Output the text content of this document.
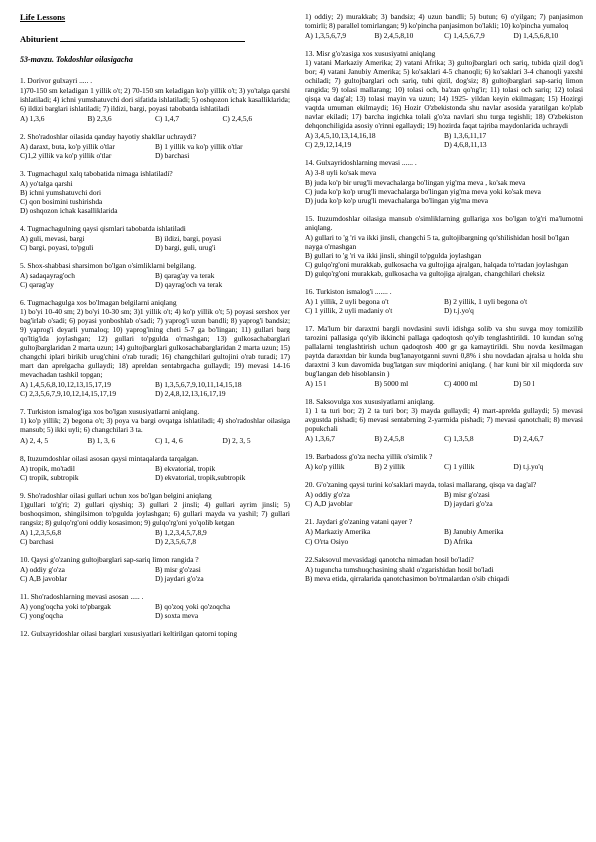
Life Lessons
Abiturient
53-mavzu. Tokdoshlar oilasigacha

1. Dorivor gulxayri ..... .

1)70-150 sm keladigan 1 yillik o't; 2) 70-150 sm keladigan ko'p yillik o't; 3) yo'talga qarshi ishlatiladi; 4) ichni yumshatuvchi dori sifatida ishlatiladi; 5) oshqozon ichak kasalliklarida; 6) ildizi barglari ishlatiladi; 7) ildizi, bargi, poyasi tabobatda ishlatiladi

A) 1,3,6	B) 2,3,6	C) 1,4,7	C) 2,4,5,6

2. Sho'radoshlar oilasida qanday hayotiy shakllar uchraydi?

A) daraxt, buta, ko'p yillik o'tlar	B) 1 yillik va ko'p yillik o'tlar
C)1,2 yillik va ko'p yillik o'tlar	D) barchasi

3. Tugmachagul xalq tabobatida nimaga ishlatiladi?

A) yo'talga qarshi
B) ichni yumshatuvchi dori
C) qon bosimini tushirishda
D) oshqozon ichak kasalliklarida

4. Tugmachagulning qaysi qismlari tabobatda ishlatiladi

A) guli, mevasi, bargi	B) ildizi, bargi, poyasi
C) bargi, poyasi, to'pguli	D) bargi, guli, urug'i

5. Shox-shabbasi sharsimon bo'lgan o'simliklarni belgilang.

A) sadaqayrag'och	B) qarag'ay va terak
C) qarag'ay	D) qayrag'och va terak

6. Tugmachagulga xos bo'lmagan belgilarni aniqlang

1) bo'yi 10-40 sm; 2) bo'yi 10-30 sm; 3)1 yillik o't; 4) ko'p yillik o't; 5) poyasi sershox yer bag'irlab o'sadi; 6) poyasi yonboshlab o'sadi; 7) yaprog'i uzun bandli; 8) yaprog'i bandsiz; 9) yaprog'i deyarli yumaloq; 10) yaprog'ining cheti 5-7 ga bo'lingan; 11) gullari barg qo'ltig'ida joylashgan; 12) gullari to'pgulda o'rnashgan; 13) gulkosachabarglari gultojbarglaridan 2 marta uzun; 14) gultojbarglari gulkosachabarglaridan 2 marta uzun; 15) changchi iplari birikib urug'chini o'rab turadi; 16) changchilari gultojini o'rab turadi; 17) mart dan aprelgacha gullaydi; 18) apreldan sentabrgacha gullaydi; 19) mevasi 14-16 mevachadan tashkil topgan;

A) 1,4,5,6,8,10,12,13,15,17,19	B) 1,3,5,6,7,9,10,11,14,15,18
C) 2,3,5,6,7,9,10,12,14,15,17,19	D) 2,4,8,12,13,16,17,19

7. Turkiston ismalog'iga xos bo'lgan xususiyatlarni aniqlang.

1) ko'p yillik; 2) begona o't; 3) poya va bargi ovqatga ishlatiladi; 4) sho'radoshlar oilasiga mansub; 5) ikki uyli; 6) changchilari 3 ta.

A) 2, 4, 5	B) 1, 3, 6	C) 1, 4, 6	D) 2, 3, 5

8, Ituzumdoshlar oilasi asosan qaysi mintaqalarda tarqalgan.

A) tropik, mo'tadil	B) ekvatorial, tropik
C) tropik, subtropik	D) ekvatorial, tropik,subtropik

9. Sho'radoshlar oilasi gullari uchun xos bo'lgan belgini aniqlang

1)gullari to'g'ri; 2) gullari qiyshiq; 3) gullari 2 jinsli; 4) gullari ayrim jinsli; 5) boshoqsimon, shingilsimon to'pgulda joylashgan; 6) gullari mayda va yashil; 7) gullari rangsiz; 8) gulqo'rg'oni oddiy kosasimon; 9) gulqo'rg'oni yo'qolib ketgan

A) 1,2,3,5,6,8	B) 1,2,3,4,5,7,8,9
C) barchasi	D) 2,3,5,6,7,8

10. Qaysi g'o'zaning gultojbarglari sap-sariq limon rangida ?

A) oddiy g'o'za	B) misr g'o'zasi
C) A,B javoblar	D) jaydari g'o'za

11. Sho'radoshlarning mevasi asosan ..... .

A) yong'oqcha yoki to'pbargak	B) qo'zoq yoki qo'zoqcha
C) yong'oqcha	D) soxta meva

12. Gulxayridoshlar oilasi barglari xususiyatlari keltirilgan qatorni toping

1) oddiy; 2) murakkab; 3) bandsiz; 4) uzun bandli; 5) butun; 6) o'yilgan; 7) panjasimon tomirli; 8) parallel tomirlangan; 9) ko'pincha panjasimon bo'lakli; 10) ko'pincha yumaloq

A) 1,3,5,6,7,9	B) 2,4,5,8,10	C) 1,4,5,6,7,9	D) 1,4,5,6,8,10

13. Misr g'o'zasiga xos xususiyatni aniqlang

1) vatani Markaziy Amerika; 2) vatani Afrika; 3) gultojbarglari och sariq, tubida qizil dog'i bor; 4) vatani Janubiy Amerika; 5) ko'saklari 4-5 chanoqli; 6) ko'saklari 3-4 chanoqli yaxshi ochiladi; 7) gultojbarglari och sariq, tubi qizil, dog'siz; 8) gultojbarglari sap-sariq limon rangida; 9) tolasi mallarang; 10) tolasi och, ba'zan qo'ng'ir; 11) tolasi och sariq; 12) tolasi qisqa va dag'al; 13) tolasi mayin va uzun; 14) 1925- yildan keyin ekilmagan; 15) Hozirgi vaqtda umuman ekilmaydi; 16) Hozir O'zbekistonda shu navlar asosida yaratilgan ko'plab navlar ekiladi; 17) barcha ingichka tolali g'o'za navlari shu turga tegishli; 18) O'zbekiston dehqonchiligida asosiy o'rinni egallaydi; 19) hozirda faqat tajriba maydonlarida uchraydi

A) 3,4,5,10,13,14,16,18	B) 1,3,6,11,17
C) 2,9,12,14,19	D) 4,6,8,11,13

14. Gulxayridoshlarning mevasi ...... .

A) 3-8 uyli ko'sak meva
B) juda ko'p bir urug'li mevachalarga bo'lingan yig'ma meva , ko'sak meva
C) juda ko'p ko'p urug'li mevachalarga bo'lingan yig'ma meva yoki ko'sak meva
D) juda ko'p ko'p urug'li mevachalarga bo'lingan yig'ma meva

15. Ituzumdoshlar oilasiga mansub o'simliklarning gullariga xos bo'lgan to'g'ri ma'lumotni aniqlang.

A) gullari to 'g 'ri va ikki jinsli, changchi 5 ta, gultojibargning qo'shilishidan hosil bo'lgan nayga o'rnashgan
B) gullari to 'g 'ri va ikki jinsli, shingil to'pgulda joylashgan
C) gulqo'rg'oni murakkab, gulkosacha va gultojiga ajralgan, halqada to'rtadan joylashgan
D) gulqo'rg'oni murakkab, gulkosacha va gultojiga ajralgan, changchilari cheksiz

16. Turkiston ismalog'i ....... .

A) 1 yillik, 2 uyli begona o't	B) 2 yillik, 1 uyli begona o't
C) 1 yillik, 2 uyli madaniy o't	D) t.j.yo'q

17. Ma'lum bir daraxtni bargli novdasini suvli idishga solib va shu suvga moy tomizilib tarozini pallasiga qo'yib ikkinchi pallaga qadoqtosh qo'yib tenglashtirildi. 10 kundan so'ng pallalarni tenglashtirish uchun qadoqtosh 400 gr ga kamaytirildi. Shu novda kesilmagan paytda daraxtdan bir kunda bug'lanayotganni suvni 0,8% i shu novdadan ajralsa u holda shu daraxtni 3 kun davomida bug'latgan suv miqdorini aniqlang. ( har kuni bir xil miqdorda suv bug'langan deb hisoblansin )

A) 15 l	B) 5000 ml	C) 4000 ml	D) 50 l

18. Saksovulga xos xususiyatlarni aniqlang.

1) 1 ta turi bor; 2) 2 ta turi bor; 3) mayda gullaydi; 4) mart-aprelda gullaydi; 5) mevasi avgustda pishadi; 6) mevasi sentabrning 2-yarmida pishadi; 7) mevasi qanotchali; 8) mevasi popukchali

A) 1,3,6,7	B) 2,4,5,8	C) 1,3,5,8	D) 2,4,6,7

19. Barbadoss g'o'za necha yillik o'simlik ?

A) ko'p yillik	B) 2 yillik	C) 1 yillik	D) t.j.yo'q

20. G'o'zaning qaysi turini ko'saklari mayda, tolasi mallarang, qisqa va dag'al?

A) oddiy g'o'za	B) misr g'o'zasi
C) A,D javoblar	D) jaydari g'o'za

21. Jaydari g'o'zaning vatani qayer ?

A) Markaziy Amerika	B) Janubiy Amerika
C) O'rta Osiyo	D) Afrika

22.Saksovul mevasidagi qanotcha nimadan hosil bo'ladi?

A) tugunchа tumshuqchasining shakl o'zgarishidan hosil bo'ladi
B) meva etida, qirralarida qanotchasimon bo'rtmalardan o'sib chiqadi
